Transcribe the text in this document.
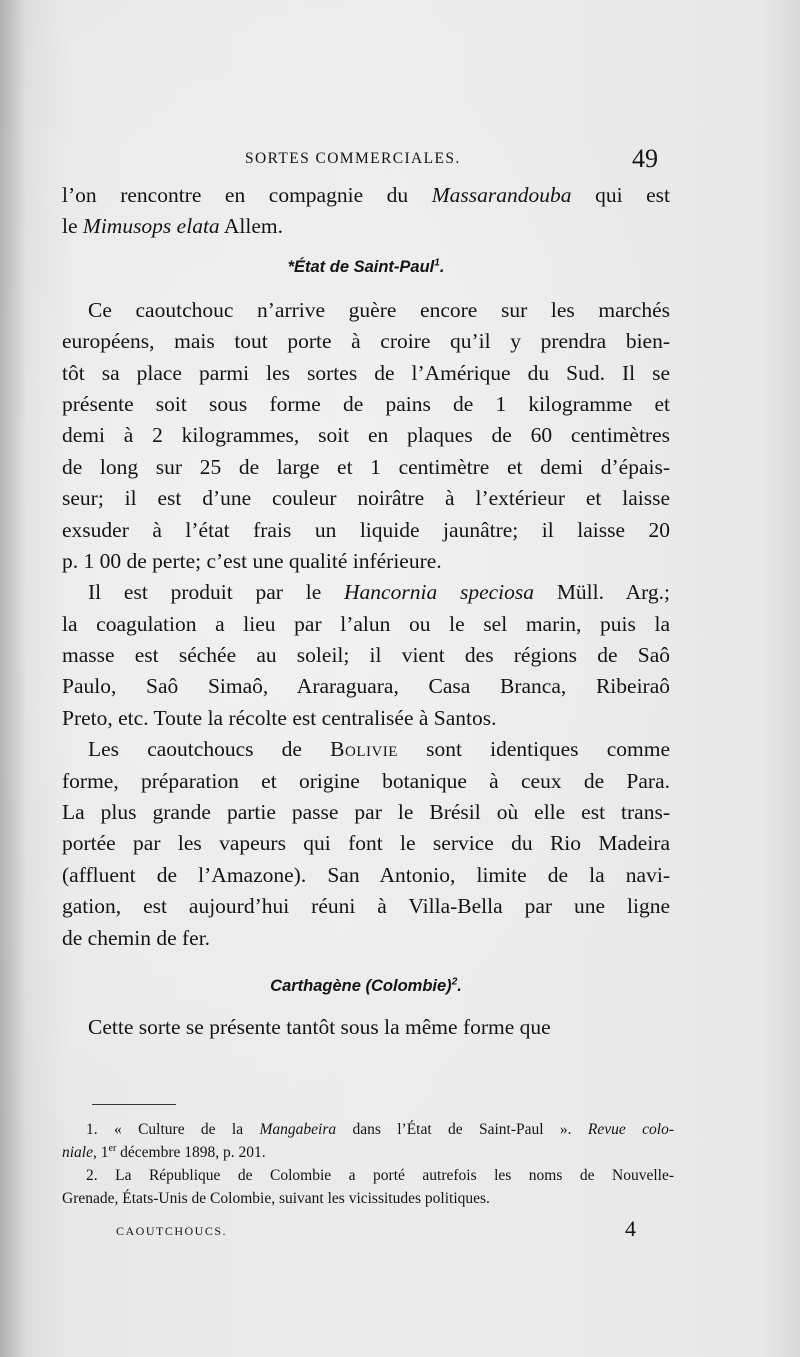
SORTES COMMERCIALES.	49
l’on rencontre en compagnie du Massarandouba qui est
le Mimusops elata Allem.
*État de Saint-Paul$^1$.
Ce caoutchouc n’arrive guère encore sur les marchés
européens, mais tout porte à croire qu’il y prendra bien-
tôt sa place parmi les sortes de l’Amérique du Sud. Il se
présente soit sous forme de pains de 1 kilogramme et
demi à 2 kilogrammes, soit en plaques de 60 centimètres
de long sur 25 de large et 1 centimètre et demi d’épais-
seur; il est d’une couleur noirâtre à l’extérieur et laisse
exsuder à l’état frais un liquide jaunâtre; il laisse 20
p. 1 00 de perte; c’est une qualité inférieure.
Il est produit par le Hancornia speciosa Müll. Arg.;
la coagulation a lieu par l’alun ou le sel marin, puis la
masse est séchée au soleil; il vient des régions de Saô
Paulo, Saô Simaô, Araraguara, Casa Branca, Ribeiraô
Preto, etc. Toute la récolte est centralisée à Santos.
Les caoutchoucs de Bolivie sont identiques comme
forme, préparation et origine botanique à ceux de Para.
La plus grande partie passe par le Brésil où elle est trans-
portée par les vapeurs qui font le service du Rio Madeira
(affluent de l’Amazone). San Antonio, limite de la navi-
gation, est aujourd’hui réuni à Villa-Bella par une ligne
de chemin de fer.
Carthagène (Colombie)$^2$.
Cette sorte se présente tantôt sous la même forme que
1. « Culture de la Mangabeira dans l’État de Saint-Paul ». Revue colo-
niale, 1er décembre 1898, p. 201.
2. La République de Colombie a porté autrefois les noms de Nouvelle-
Grenade, États-Unis de Colombie, suivant les vicissitudes politiques.
CAOUTCHOUCS.	4
